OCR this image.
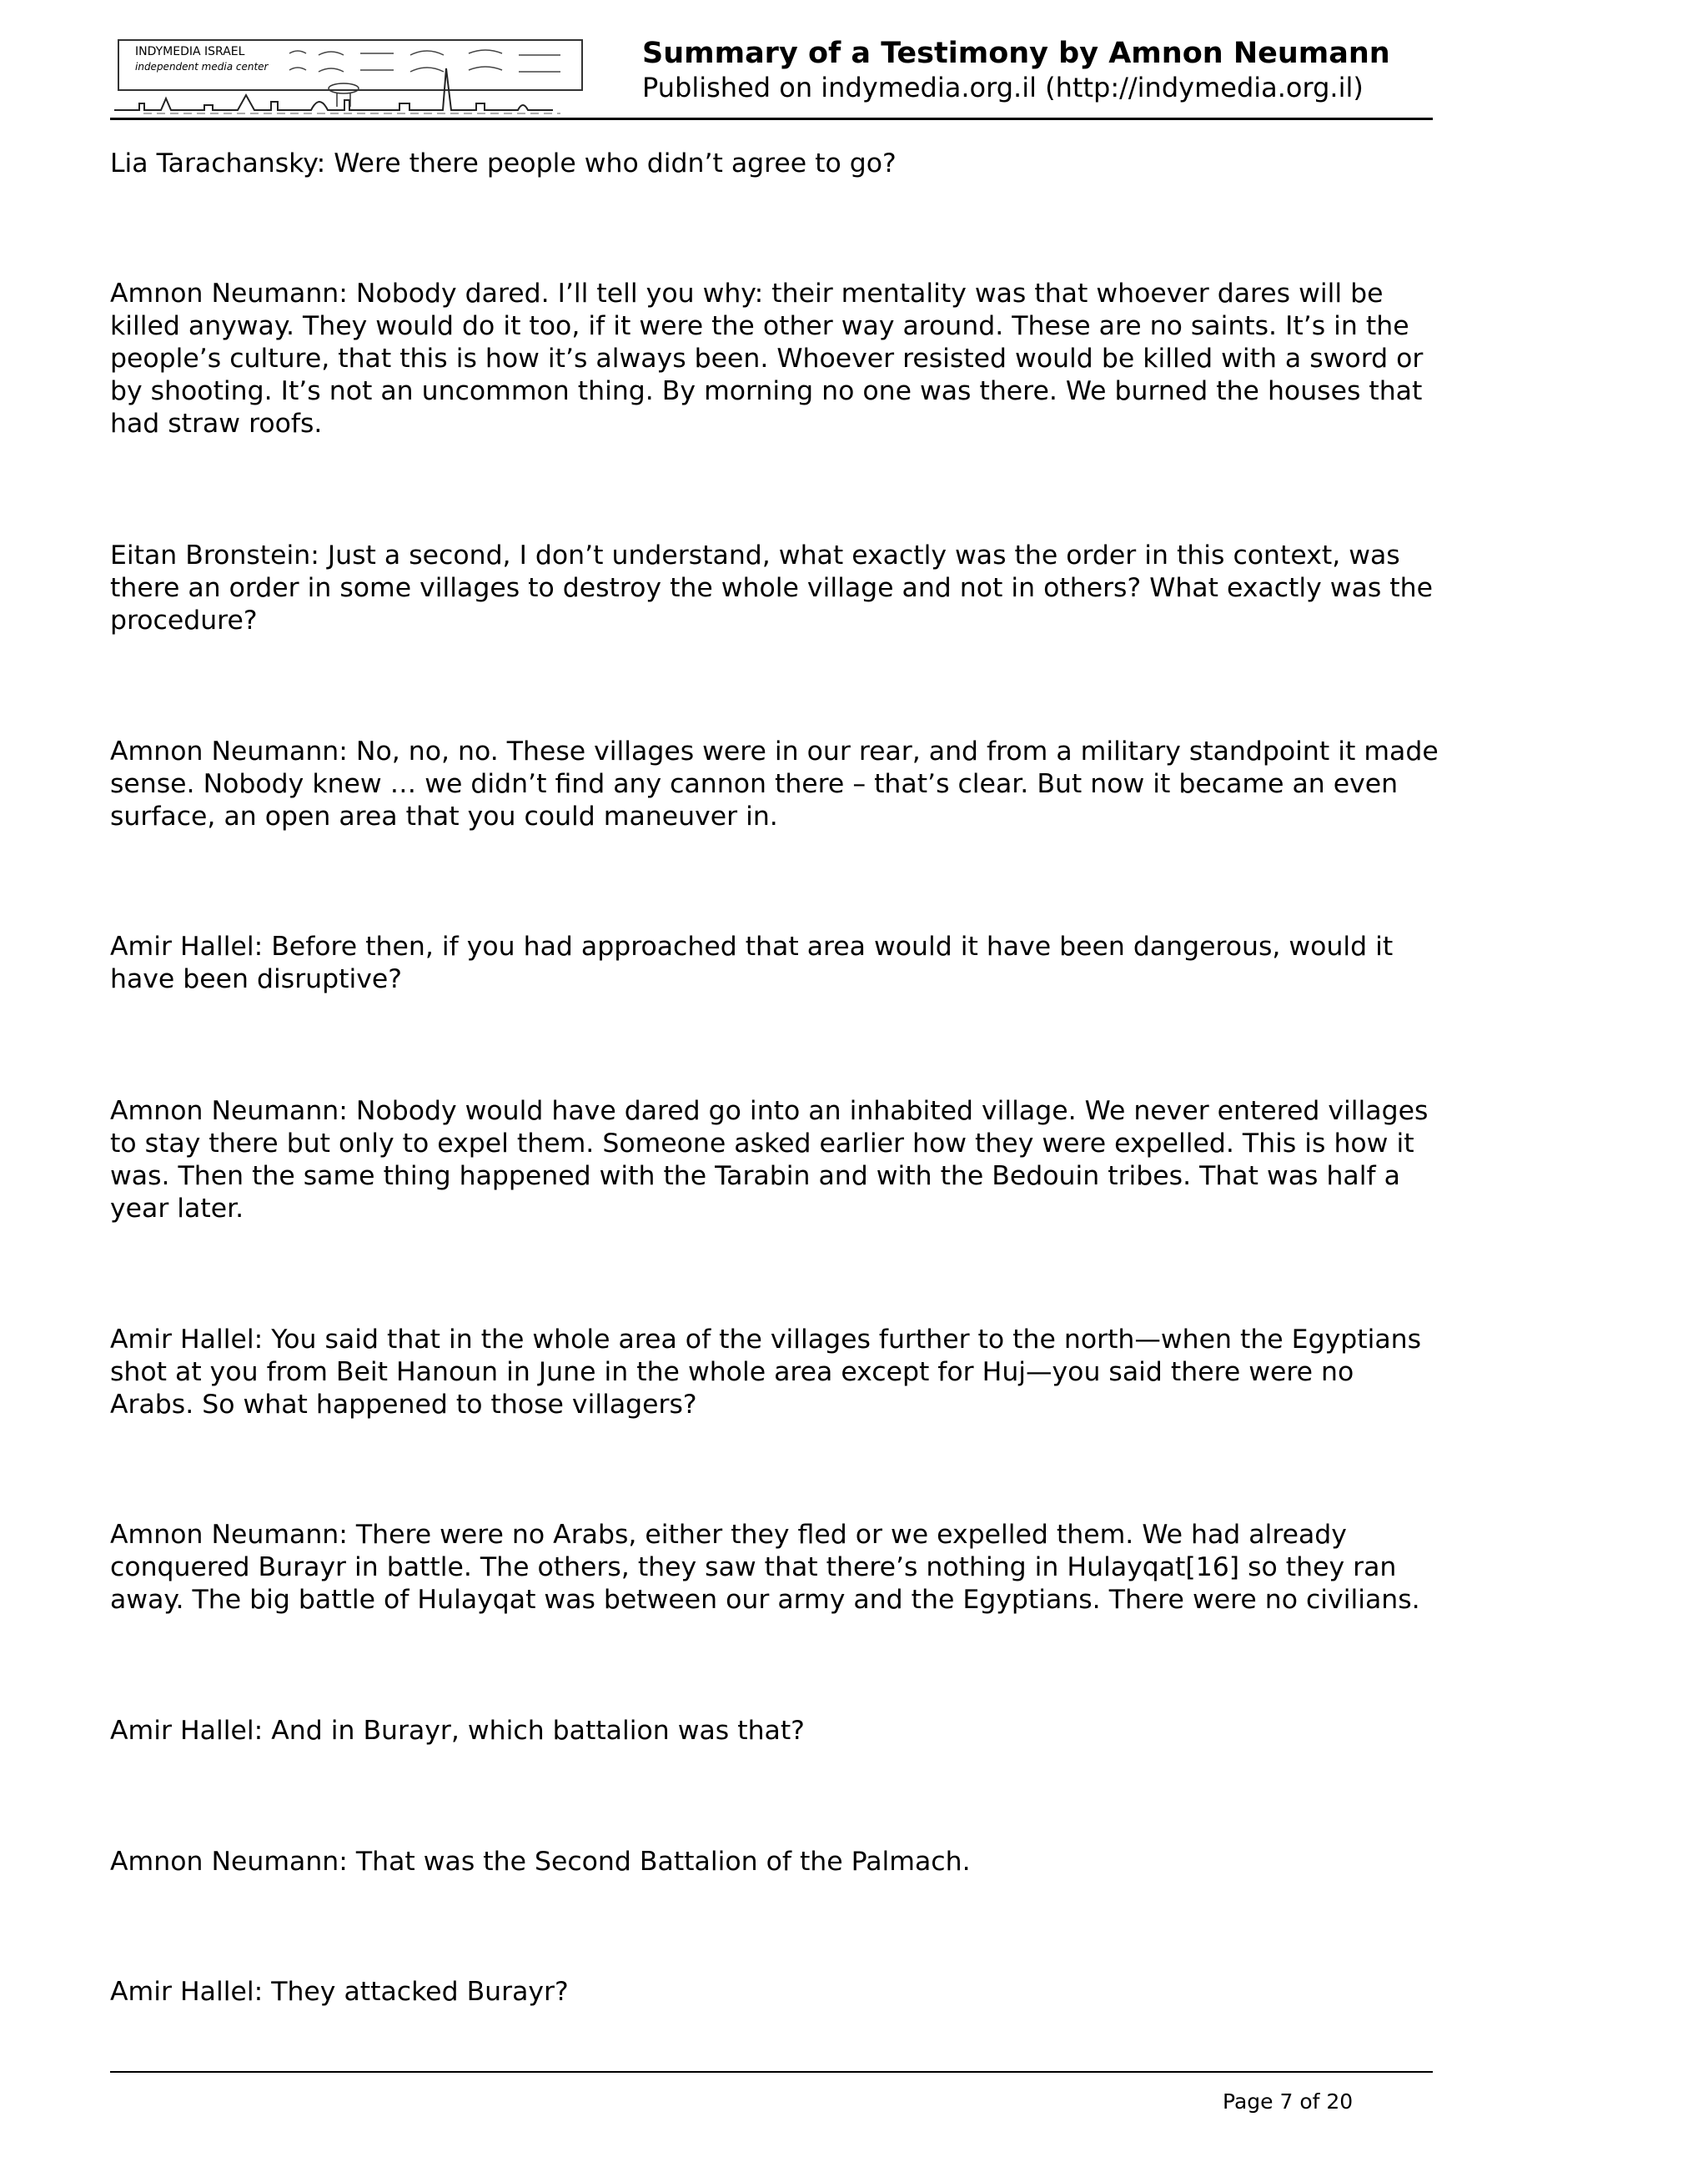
INDYMEDIA ISRAEL
independent media center	Summary of a Testimony by Amnon Neumann
Published on indymedia.org.il (http://indymedia.org.il)

Lia Tarachansky: Were there people who didn’t agree to go?

Amnon Neumann: Nobody dared. I’ll tell you why: their mentality was that whoever dares will be killed anyway. They would do it too, if it were the other way around. These are no saints. It’s in the people’s culture, that this is how it’s always been. Whoever resisted would be killed with a sword or by shooting. It’s not an uncommon thing. By morning no one was there. We burned the houses that had straw roofs.

Eitan Bronstein: Just a second, I don’t understand, what exactly was the order in this context, was there an order in some villages to destroy the whole village and not in others? What exactly was the procedure?

Amnon Neumann: No, no, no. These villages were in our rear, and from a military standpoint it made sense. Nobody knew … we didn’t find any cannon there – that’s clear. But now it became an even surface, an open area that you could maneuver in.

Amir Hallel: Before then, if you had approached that area would it have been dangerous, would it have been disruptive?

Amnon Neumann: Nobody would have dared go into an inhabited village. We never entered villages to stay there but only to expel them. Someone asked earlier how they were expelled. This is how it was. Then the same thing happened with the Tarabin and with the Bedouin tribes. That was half a year later.

Amir Hallel: You said that in the whole area of the villages further to the north—when the Egyptians shot at you from Beit Hanoun in June in the whole area except for Huj—you said there were no Arabs. So what happened to those villagers?

Amnon Neumann: There were no Arabs, either they fled or we expelled them. We had already conquered Burayr in battle. The others, they saw that there’s nothing in Hulayqat[16] so they ran away. The big battle of Hulayqat was between our army and the Egyptians. There were no civilians.

Amir Hallel: And in Burayr, which battalion was that?

Amnon Neumann: That was the Second Battalion of the Palmach.

Amir Hallel: They attacked Burayr?

Page 7 of 20
